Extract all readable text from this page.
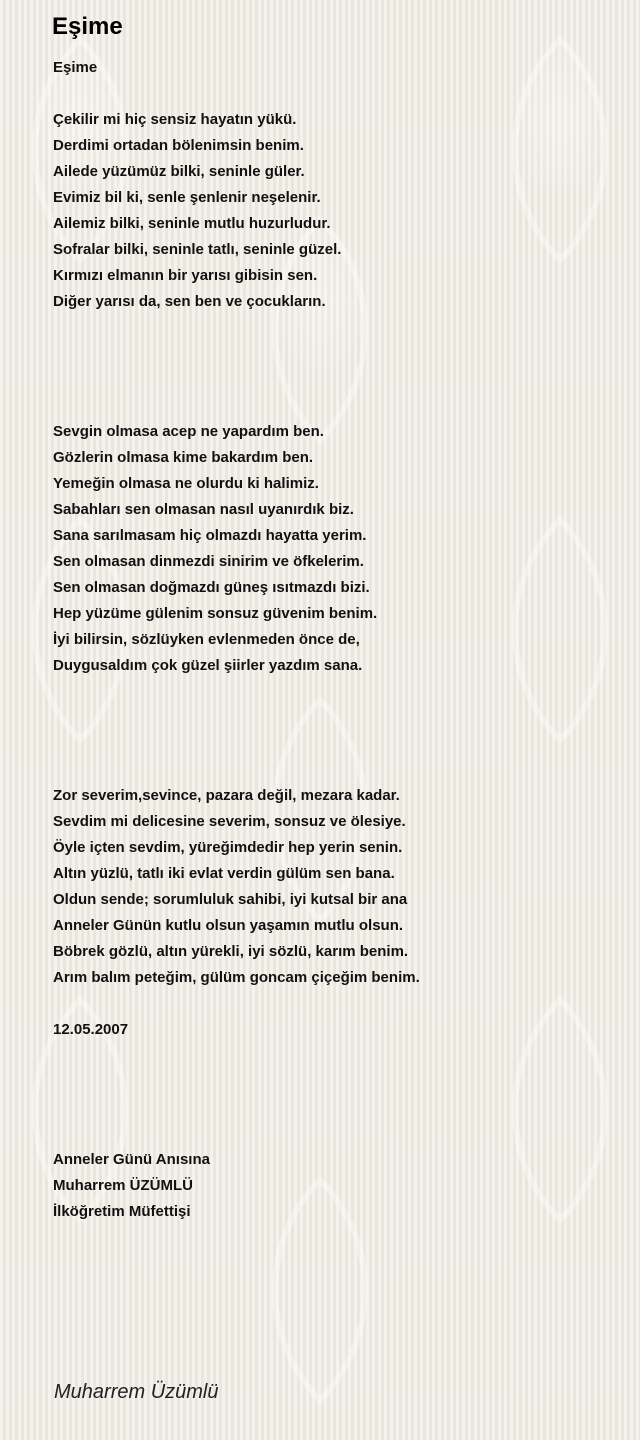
Eşime
Eşime
Çekilir mi hiç sensiz hayatın yükü.
Derdimi ortadan bölenimsin benim.
Ailede yüzümüz bilki, seninle güler.
Evimiz bil ki, senle şenlenir neşelenir.
Ailemiz bilki, seninle mutlu huzurludur.
Sofralar bilki, seninle tatlı, seninle güzel.
Kırmızı elmanın bir yarısı gibisin sen.
Diğer yarısı da, sen ben ve çocukların.
Sevgin olmasa acep ne yapardım ben.
Gözlerin olmasa kime bakardım ben.
Yemeğin olmasa ne olurdu ki halimiz.
Sabahları sen olmasan nasıl uyanırdık biz.
Sana sarılmasam hiç olmazdı hayatta yerim.
Sen olmasan dinmezdi sinirim ve öfkelerim.
Sen olmasan doğmazdı güneş ısıtmazdı bizi.
Hep yüzüme gülenim sonsuz güvenim benim.
İyi bilirsin, sözlüyken evlenmeden önce de,
Duygusaldım çok güzel şiirler yazdım sana.
Zor severim,sevince, pazara değil, mezara kadar.
Sevdim mi delicesine severim, sonsuz ve ölesiye.
Öyle içten sevdim, yüreğimdedir hep yerin senin.
Altın yüzlü, tatlı iki evlat verdin gülüm sen bana.
Oldun sende; sorumluluk sahibi, iyi kutsal bir ana
Anneler Günün kutlu olsun yaşamın mutlu olsun.
Böbrek gözlü, altın yürekli, iyi sözlü, karım benim.
Arım balım peteğim, gülüm goncam çiçeğim benim.
12.05.2007
Anneler Günü Anısına
Muharrem ÜZÜMLÜ
İlköğretim Müfettişi
Muharrem Üzümlü
